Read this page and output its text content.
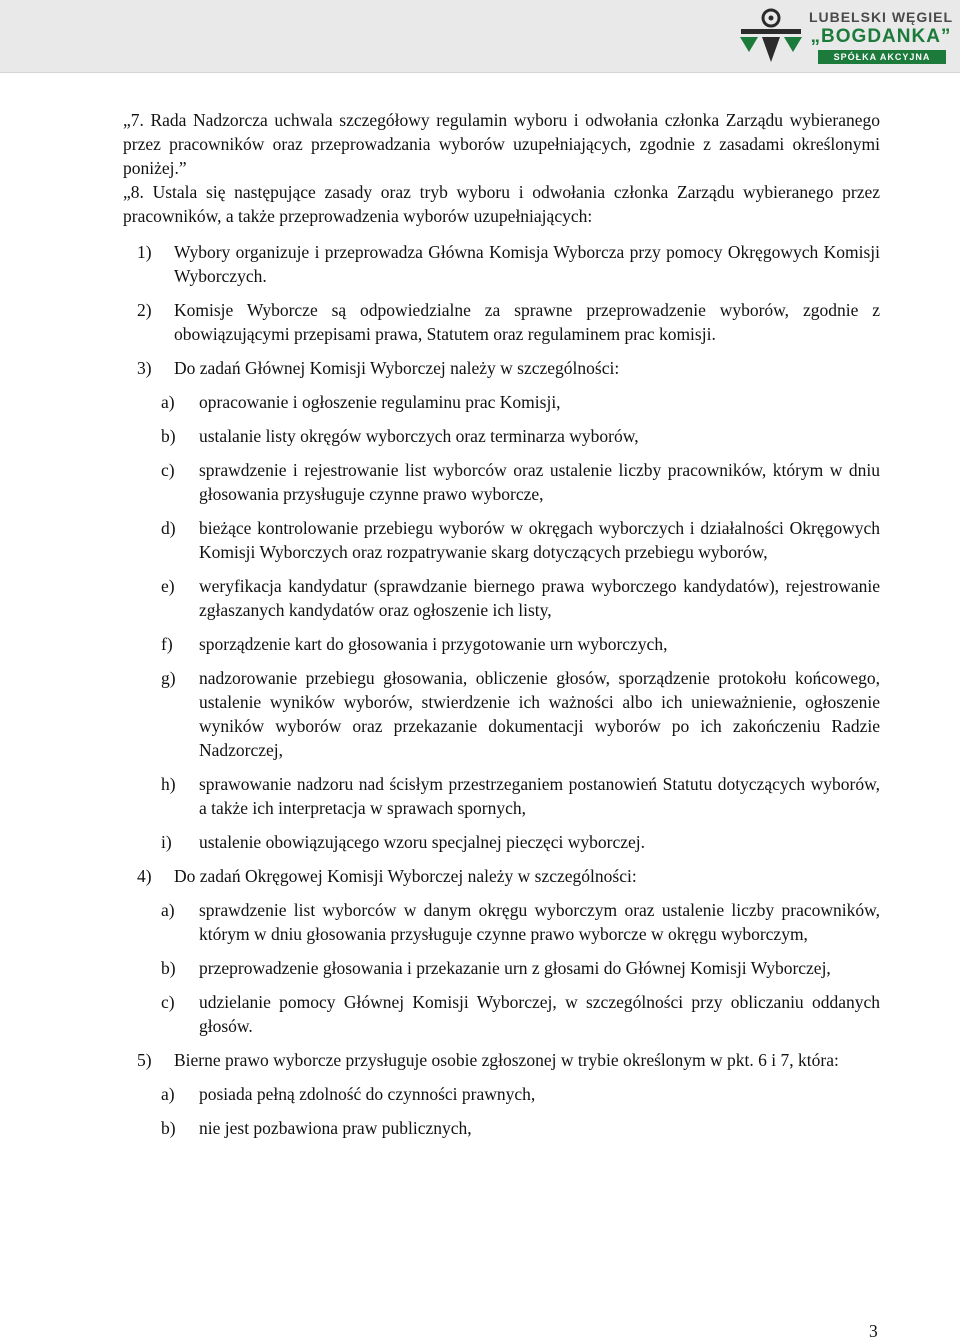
LUBELSKI WĘGIEL
„BOGDANKA”
SPÓŁKA AKCYJNA

„7. Rada Nadzorcza uchwala szczegółowy regulamin wyboru i odwołania członka Zarządu wybieranego przez pracowników oraz przeprowadzania wyborów uzupełniających, zgodnie z zasadami określonymi poniżej.”

„8. Ustala się następujące zasady oraz tryb wyboru i odwołania członka Zarządu wybieranego przez pracowników, a także przeprowadzenia wyborów uzupełniających:

1)	Wybory organizuje i przeprowadza Główna Komisja Wyborcza przy pomocy Okręgowych Komisji Wyborczych.
2)	Komisje Wyborcze są odpowiedzialne za sprawne przeprowadzenie wyborów, zgodnie z obowiązującymi przepisami prawa, Statutem oraz regulaminem prac komisji.
3)	Do zadań Głównej Komisji Wyborczej należy w szczególności:
a)	opracowanie i ogłoszenie regulaminu prac Komisji,
b)	ustalanie listy okręgów wyborczych oraz terminarza wyborów,
c)	sprawdzenie i rejestrowanie list wyborców oraz ustalenie liczby pracowników, którym w dniu głosowania przysługuje czynne prawo wyborcze,
d)	bieżące kontrolowanie przebiegu wyborów w okręgach wyborczych i działalności Okręgowych Komisji Wyborczych oraz rozpatrywanie skarg dotyczących przebiegu wyborów,
e)	weryfikacja kandydatur (sprawdzanie biernego prawa wyborczego kandydatów), rejestrowanie zgłaszanych kandydatów oraz ogłoszenie ich listy,
f)	sporządzenie kart do głosowania i przygotowanie urn wyborczych,
g)	nadzorowanie przebiegu głosowania, obliczenie głosów, sporządzenie protokołu końcowego, ustalenie wyników wyborów, stwierdzenie ich ważności albo ich unieważnienie, ogłoszenie wyników wyborów oraz przekazanie dokumentacji wyborów po ich zakończeniu Radzie Nadzorczej,
h)	sprawowanie nadzoru nad ścisłym przestrzeganiem postanowień Statutu dotyczących wyborów, a także ich interpretacja w sprawach spornych,
i)	ustalenie obowiązującego wzoru specjalnej pieczęci wyborczej.
4)	Do zadań Okręgowej Komisji Wyborczej należy w szczególności:
a)	sprawdzenie list wyborców w danym okręgu wyborczym oraz ustalenie liczby pracowników, którym w dniu głosowania przysługuje czynne prawo wyborcze w okręgu wyborczym,
b)	przeprowadzenie głosowania i przekazanie urn z głosami do Głównej Komisji Wyborczej,
c)	udzielanie pomocy Głównej Komisji Wyborczej, w szczególności przy obliczaniu oddanych głosów.
5)	Bierne prawo wyborcze przysługuje osobie zgłoszonej w trybie określonym w pkt. 6 i 7, która:
a)	posiada pełną zdolność do czynności prawnych,
b)	nie jest pozbawiona praw publicznych,
3
